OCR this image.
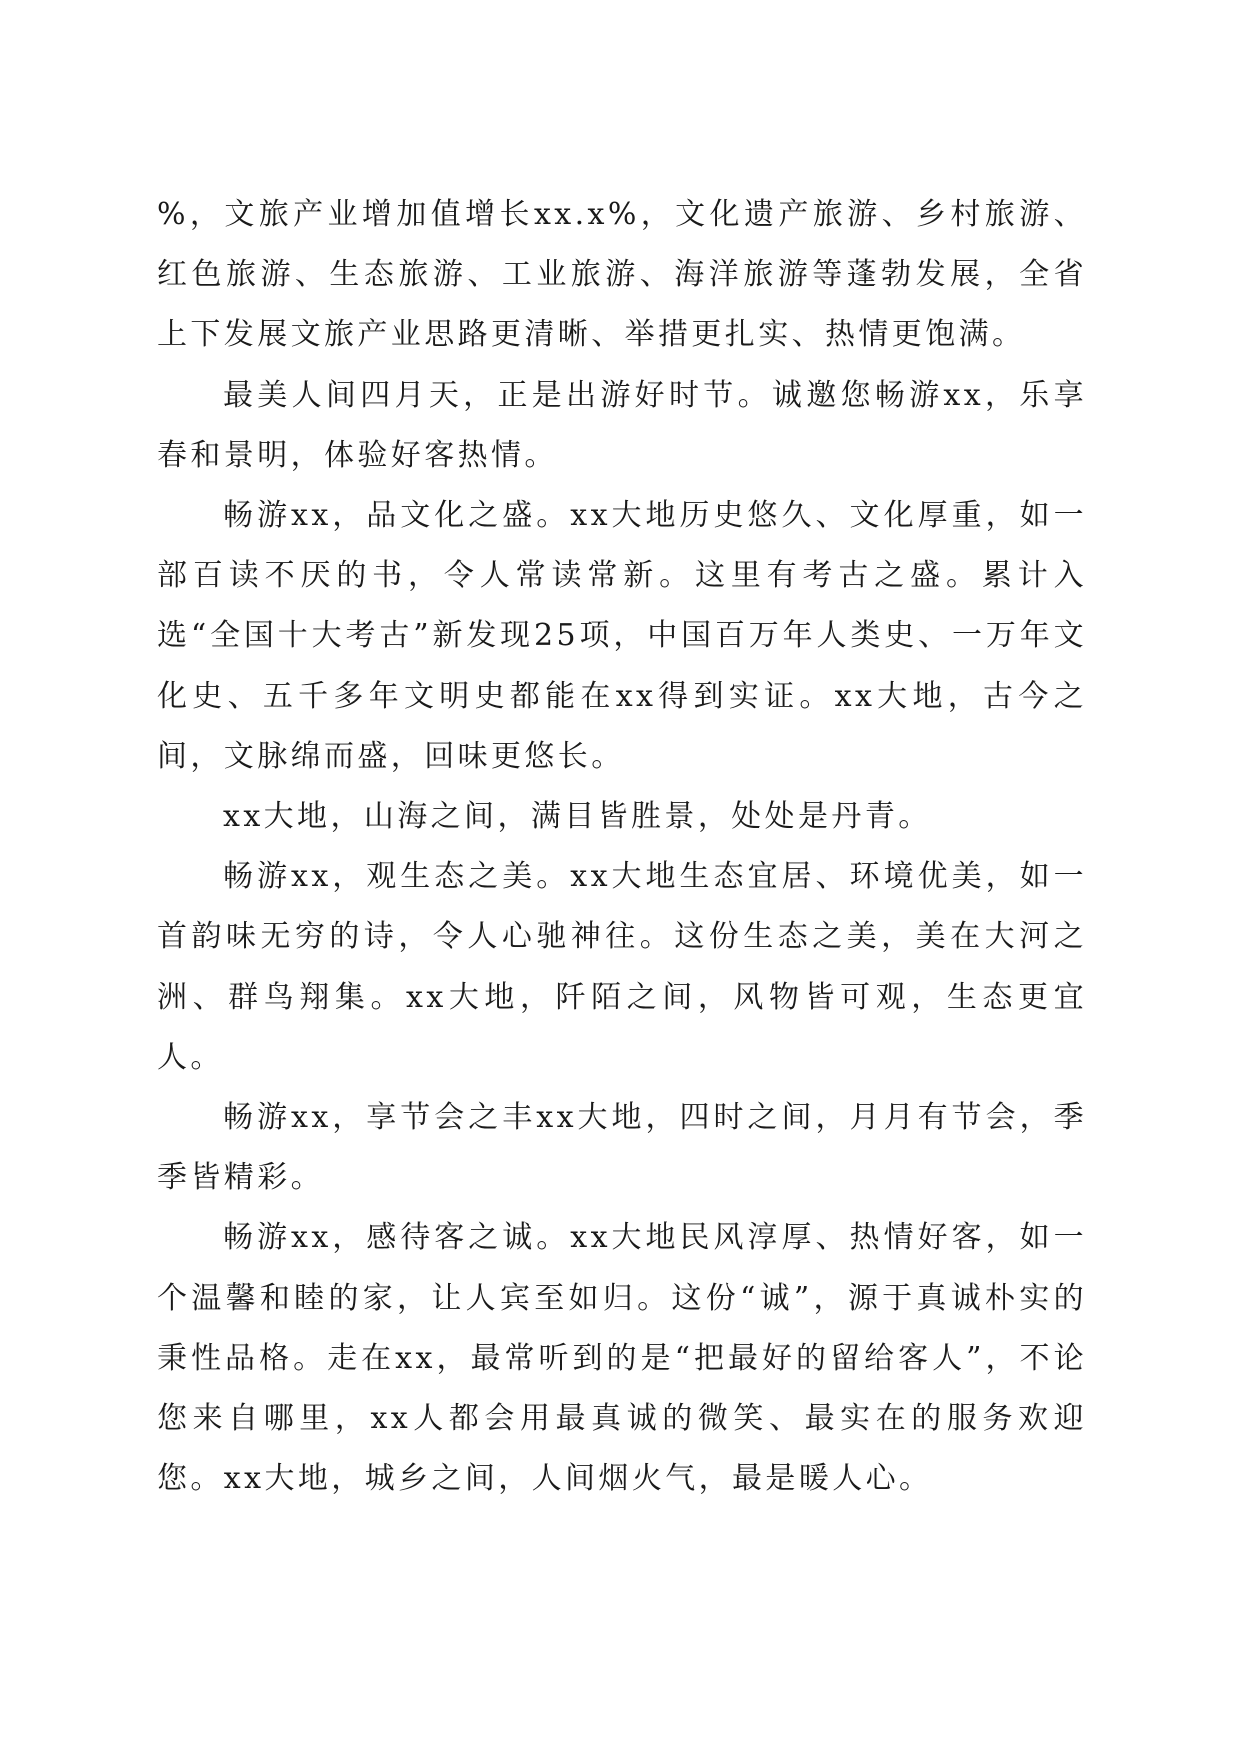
%，文旅产业增加值增长xx.x%，文化遗产旅游、乡村旅游、红色旅游、生态旅游、工业旅游、海洋旅游等蓬勃发展，全省上下发展文旅产业思路更清晰、举措更扎实、热情更饱满。

最美人间四月天，正是出游好时节。诚邀您畅游xx，乐享春和景明，体验好客热情。

畅游xx，品文化之盛。xx大地历史悠久、文化厚重，如一部百读不厌的书，令人常读常新。这里有考古之盛。累计入选“全国十大考古”新发现25项，中国百万年人类史、一万年文化史、五千多年文明史都能在xx得到实证。xx大地，古今之间，文脉绵而盛，回味更悠长。

xx大地，山海之间，满目皆胜景，处处是丹青。

畅游xx，观生态之美。xx大地生态宜居、环境优美，如一首韵味无穷的诗，令人心驰神往。这份生态之美，美在大河之洲、群鸟翔集。xx大地，阡陌之间，风物皆可观，生态更宜人。

畅游xx，享节会之丰xx大地，四时之间，月月有节会，季季皆精彩。

畅游xx，感待客之诚。xx大地民风淳厚、热情好客，如一个温馨和睦的家，让人宾至如归。这份“诚”，源于真诚朴实的秉性品格。走在xx，最常听到的是“把最好的留给客人”，不论您来自哪里，xx人都会用最真诚的微笑、最实在的服务欢迎您。xx大地，城乡之间，人间烟火气，最是暖人心。
